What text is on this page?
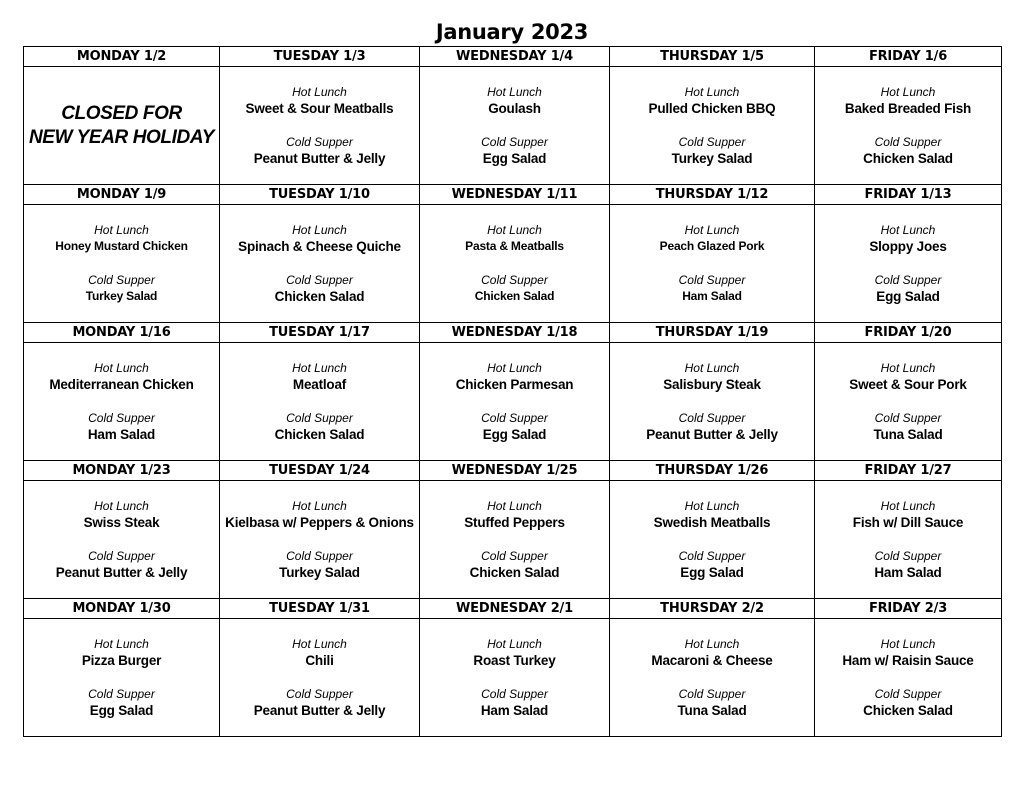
January 2023
MONDAY 1/2	TUESDAY 1/3	WEDNESDAY 1/4	THURSDAY 1/5	FRIDAY 1/6

CLOSED FOR
NEW YEAR HOLIDAY	Hot Lunch
Sweet & Sour Meatballs
Cold Supper
Peanut Butter & Jelly	Hot Lunch
Goulash
Cold Supper
Egg Salad	Hot Lunch
Pulled Chicken BBQ
Cold Supper
Turkey Salad	Hot Lunch
Baked Breaded Fish
Cold Supper
Chicken Salad

MONDAY 1/9	TUESDAY 1/10	WEDNESDAY 1/11	THURSDAY 1/12	FRIDAY 1/13

Hot Lunch
Honey Mustard Chicken
Cold Supper
Turkey Salad	Hot Lunch
Spinach & Cheese Quiche
Cold Supper
Chicken Salad	Hot Lunch
Pasta & Meatballs
Cold Supper
Chicken Salad	Hot Lunch
Peach Glazed Pork
Cold Supper
Ham Salad	Hot Lunch
Sloppy Joes
Cold Supper
Egg Salad

MONDAY 1/16	TUESDAY 1/17	WEDNESDAY 1/18	THURSDAY 1/19	FRIDAY 1/20

Hot Lunch
Mediterranean Chicken
Cold Supper
Ham Salad	Hot Lunch
Meatloaf
Cold Supper
Chicken Salad	Hot Lunch
Chicken Parmesan
Cold Supper
Egg Salad	Hot Lunch
Salisbury Steak
Cold Supper
Peanut Butter & Jelly	Hot Lunch
Sweet & Sour Pork
Cold Supper
Tuna Salad

MONDAY 1/23	TUESDAY 1/24	WEDNESDAY 1/25	THURSDAY 1/26	FRIDAY 1/27

Hot Lunch
Swiss Steak
Cold Supper
Peanut Butter & Jelly	Hot Lunch
Kielbasa w/ Peppers & Onions
Cold Supper
Turkey Salad	Hot Lunch
Stuffed Peppers
Cold Supper
Chicken Salad	Hot Lunch
Swedish Meatballs
Cold Supper
Egg Salad	Hot Lunch
Fish w/ Dill Sauce
Cold Supper
Ham Salad

MONDAY 1/30	TUESDAY 1/31	WEDNESDAY 2/1	THURSDAY 2/2	FRIDAY 2/3

Hot Lunch
Pizza Burger
Cold Supper
Egg Salad	Hot Lunch
Chili
Cold Supper
Peanut Butter & Jelly	Hot Lunch
Roast Turkey
Cold Supper
Ham Salad	Hot Lunch
Macaroni & Cheese
Cold Supper
Tuna Salad	Hot Lunch
Ham w/ Raisin Sauce
Cold Supper
Chicken Salad
